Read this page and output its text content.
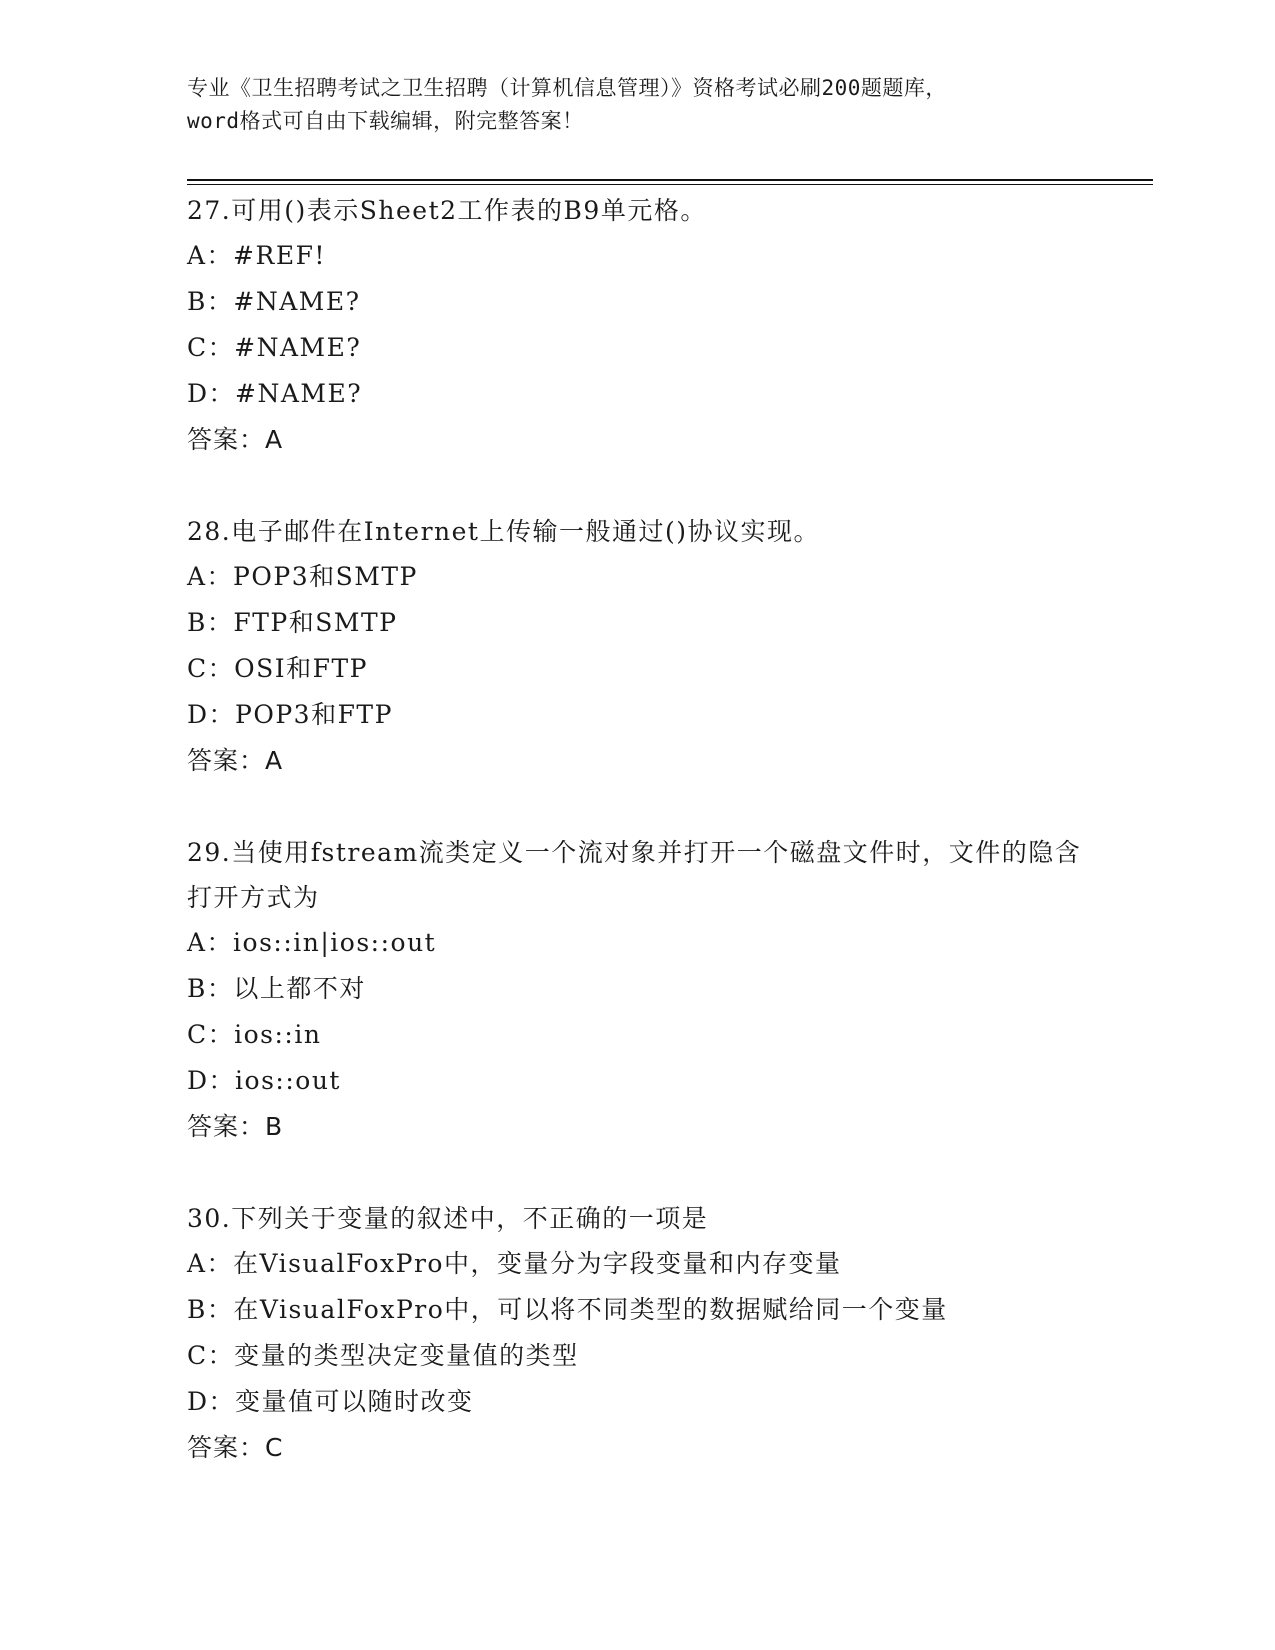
专业《卫生招聘考试之卫生招聘（计算机信息管理）》资格考试必刷200题题库，
word格式可自由下载编辑，附完整答案！
27.可用()表示Sheet2工作表的B9单元格。
A：#REF!
B：#NAME?
C：#NAME?
D：#NAME?
答案：A
28.电子邮件在Internet上传输一般通过()协议实现。
A：POP3和SMTP
B：FTP和SMTP
C：OSI和FTP
D：POP3和FTP
答案：A
29.当使用fstream流类定义一个流对象并打开一个磁盘文件时，文件的隐含打开方式为
A：ios::in|ios::out
B：以上都不对
C：ios::in
D：ios::out
答案：B
30.下列关于变量的叙述中，不正确的一项是
A：在VisualFoxPro中，变量分为字段变量和内存变量
B：在VisualFoxPro中，可以将不同类型的数据赋给同一个变量
C：变量的类型决定变量值的类型
D：变量值可以随时改变
答案：C
